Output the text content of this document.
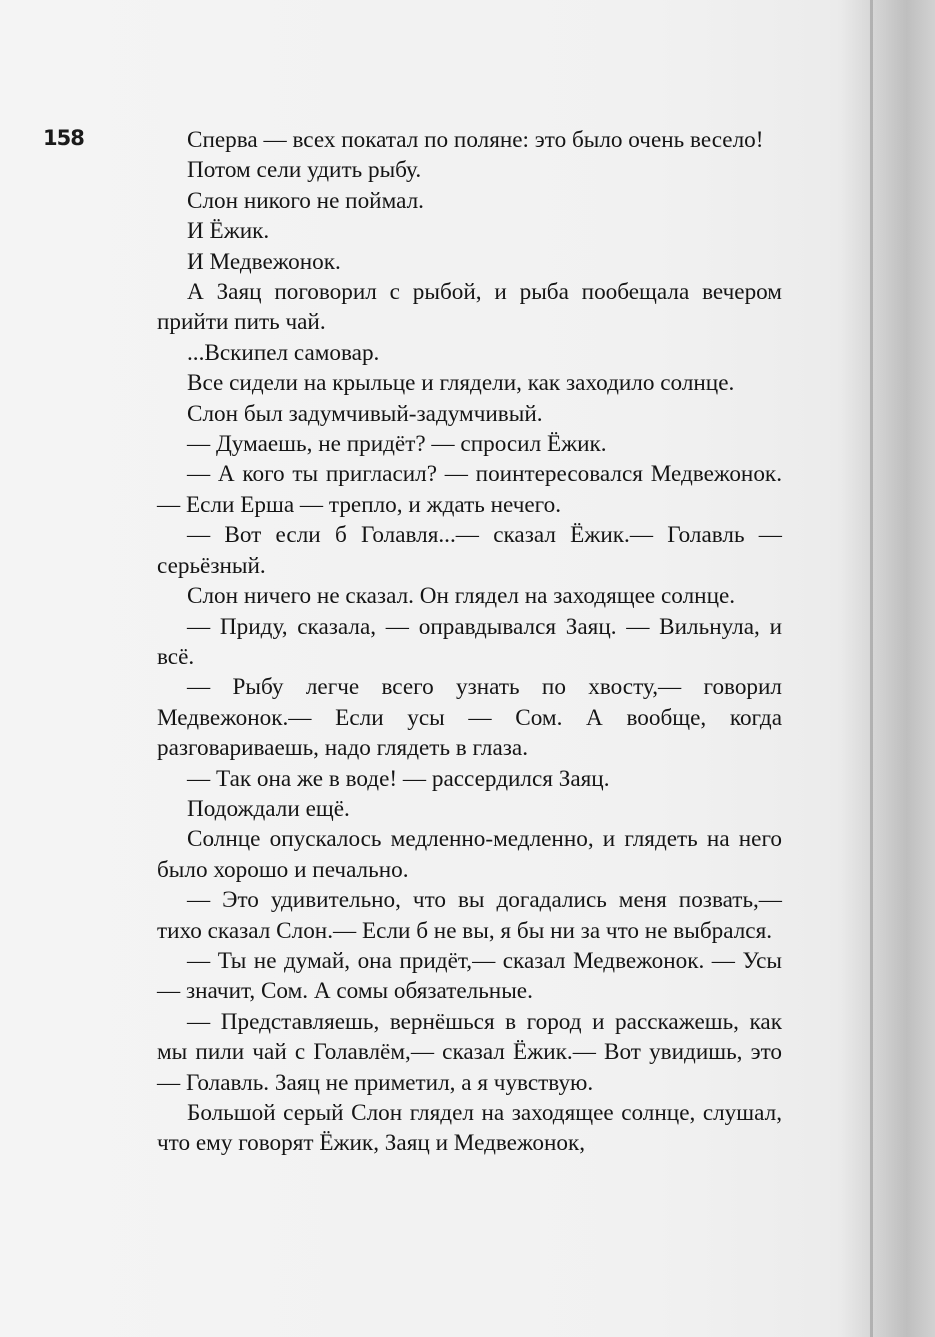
158	Сперва — всех покатал по поляне: это было очень весело!

Потом сели удить рыбу.

Слон никого не поймал.

И Ёжик.

И Медвежонок.

А Заяц поговорил с рыбой, и рыба пообещала вечером прийти пить чай.

...Вскипел самовар.

Все сидели на крыльце и глядели, как заходило солнце.

Слон был задумчивый-задумчивый.

— Думаешь, не придёт? — спросил Ёжик.

— А кого ты пригласил? — поинтересовался Медвежонок. — Если Ерша — трепло, и ждать нечего.

— Вот если б Голавля...— сказал Ёжик.— Голавль — серьёзный.

Слон ничего не сказал. Он глядел на заходящее солнце.

— Приду, сказала, — оправдывался Заяц. — Вильнула, и всё.

— Рыбу легче всего узнать по хвосту,— говорил Медвежонок.— Если усы — Сом. А вообще, когда разговариваешь, надо глядеть в глаза.

— Так она же в воде! — рассердился Заяц.

Подождали ещё.

Солнце опускалось медленно-медленно, и глядеть на него было хорошо и печально.

— Это удивительно, что вы догадались меня позвать,— тихо сказал Слон.— Если б не вы, я бы ни за что не выбрался.

— Ты не думай, она придёт,— сказал Медвежонок. — Усы — значит, Сом. А сомы обязательные.

— Представляешь, вернёшься в город и расскажешь, как мы пили чай с Голавлём,— сказал Ёжик.— Вот увидишь, это — Голавль. Заяц не приметил, а я чувствую.

Большой серый Слон глядел на заходящее солнце, слушал, что ему говорят Ёжик, Заяц и Медвежонок,
